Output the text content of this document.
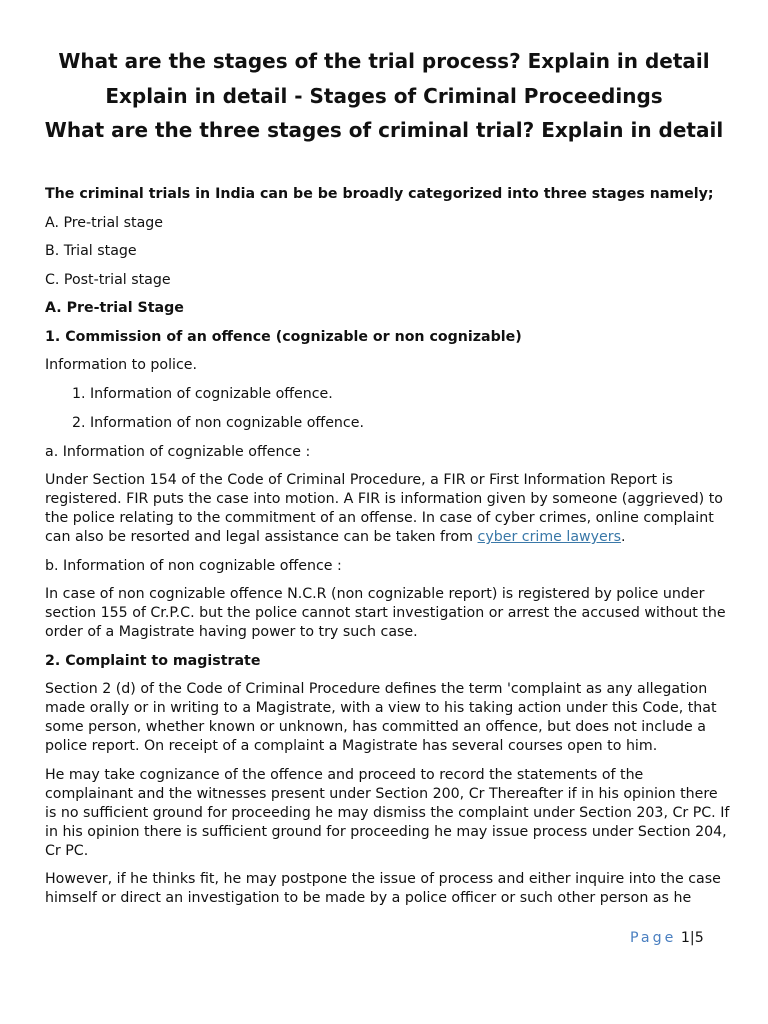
What are the stages of the trial process? Explain in detail

Explain in detail - Stages of Criminal Proceedings

What are the three stages of criminal trial? Explain in detail

The criminal trials in India can be be broadly categorized into three stages namely;

A. Pre-trial stage

B. Trial stage

C. Post-trial stage

A. Pre-trial Stage

1. Commission of an offence (cognizable or non cognizable)

Information to police.

1. Information of cognizable offence.
2. Information of non cognizable offence.

a. Information of cognizable offence :

Under Section 154 of the Code of Criminal Procedure, a FIR or First Information Report is registered. FIR puts the case into motion. A FIR is information given by someone (aggrieved) to the police relating to the commitment of an offense. In case of cyber crimes, online complaint can also be resorted and legal assistance can be taken from cyber crime lawyers.

b. Information of non cognizable offence :

In case of non cognizable offence N.C.R (non cognizable report) is registered by police under section 155 of Cr.P.C. but the police cannot start investigation or arrest the accused without the order of a Magistrate having power to try such case.

2. Complaint to magistrate

Section 2 (d) of the Code of Criminal Procedure defines the term 'complaint as any allegation made orally or in writing to a Magistrate, with a view to his taking action under this Code, that some person, whether known or unknown, has committed an offence, but does not include a police report. On receipt of a complaint a Magistrate has several courses open to him.

He may take cognizance of the offence and proceed to record the statements of the complainant and the witnesses present under Section 200, Cr Thereafter if in his opinion there is no sufficient ground for proceeding he may dismiss the complaint under Section 203, Cr PC. If in his opinion there is sufficient ground for proceeding he may issue process under Section 204, Cr PC.

However, if he thinks fit, he may postpone the issue of process and either inquire into the case himself or direct an investigation to be made by a police officer or such other person as he

Page 1|5
